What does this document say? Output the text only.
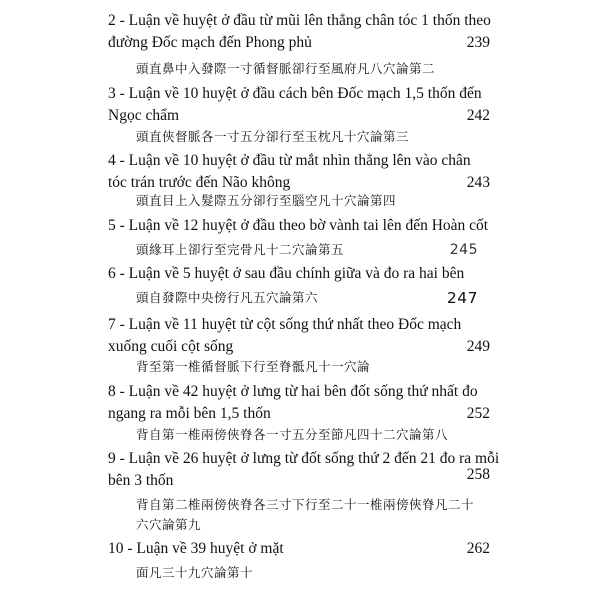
2 - Luận về huyệt ở đầu từ mũi lên thẳng chân tóc 1 thốn theo
đường Đốc mạch đến Phong phủ	239
頭直鼻中入發際一寸循督脈卻行至風府凡八穴論第二
3 - Luận về 10 huyệt ở đầu cách bên Đốc mạch 1,5 thốn đến
Ngọc chẩm	242
頭直俠督脈各一寸五分卻行至玉枕凡十穴論第三
4 - Luận về 10 huyệt ở đầu từ mắt nhìn thẳng lên vào chân
tóc trán trước đến Não không	243
頭直目上入髮際五分卻行至腦空凡十穴論第四
5 - Luận về 12 huyệt ở đầu theo bờ vành tai lên đến Hoàn cốt
頭緣耳上卻行至完骨凡十二穴論第五	245
6 - Luận về 5 huyệt ở sau đầu chính giữa và đo ra hai bên
頭自發際中央傍行凡五穴論第六	247
7 - Luận về 11 huyệt từ cột sống thứ nhất theo Đốc mạch
xuống cuối cột sống	249
背至第一椎循督脈下行至脊骶凡十一穴論
8 - Luận về 42 huyệt ở lưng từ hai bên đốt sống thứ nhất đo
ngang ra mỗi bên 1,5 thốn	252
背自第一椎兩傍俠脊各一寸五分至節凡四十二穴論第八
9 - Luận về 26 huyệt ở lưng từ đốt sống thứ 2 đến 21 đo ra mỗi
bên 3 thốn	258
背自第二椎兩傍俠脊各三寸下行至二十一椎兩傍俠脊凡二十六穴論第九
10 - Luận về 39 huyệt ở mặt	262
面凡三十九穴論第十
